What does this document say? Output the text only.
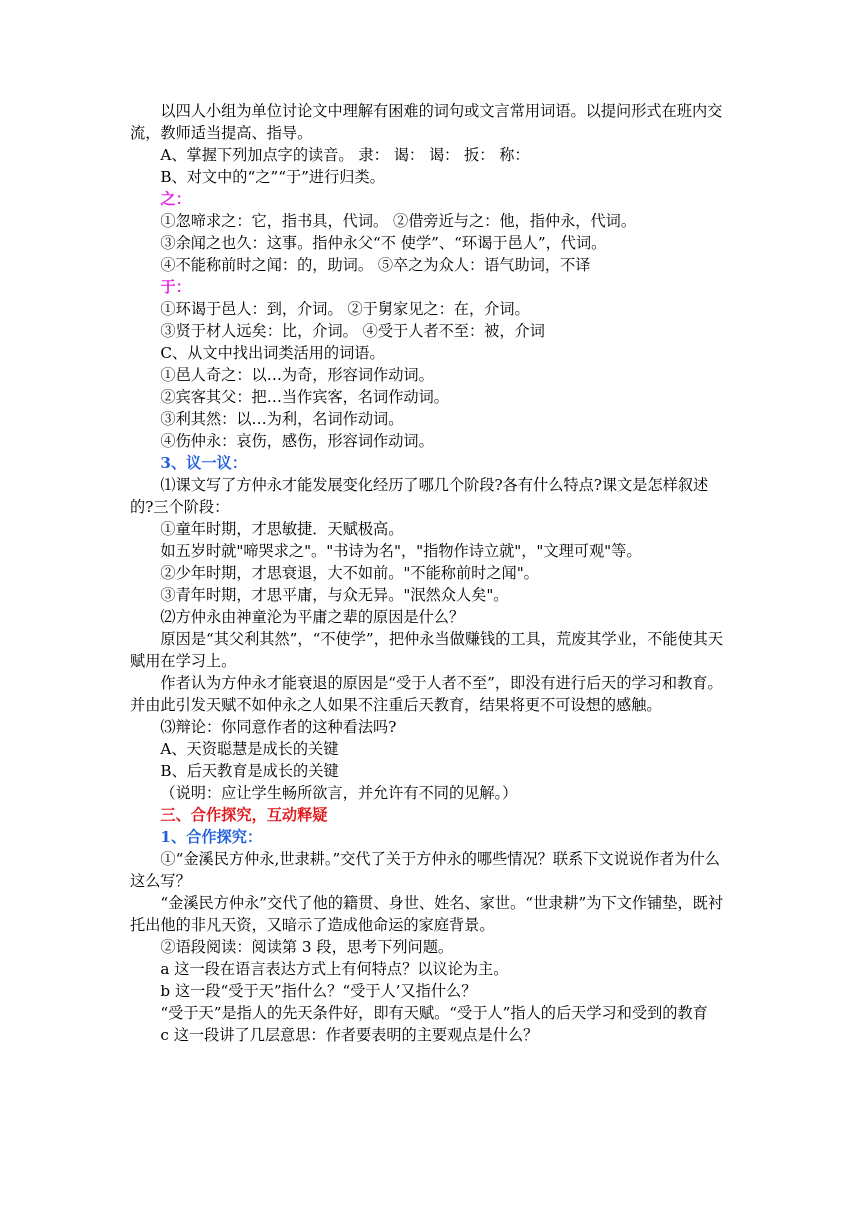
以四人小组为单位讨论文中理解有困难的词句或文言常用词语。以提问形式在班内交流，教师适当提高、指导。

A、掌握下列加点字的读音。 隶： 谒： 谒： 扳： 称：

B、对文中的“之”“于”进行归类。

之：

①忽啼求之：它，指书具，代词。 ②借旁近与之：他，指仲永，代词。

③余闻之也久：这事。指仲永父“不 使学”、“环谒于邑人”，代词。

④不能称前时之闻：的，助词。 ⑤卒之为众人：语气助词，不译

于：

①环谒于邑人：到，介词。 ②于舅家见之：在，介词。

③贤于材人远矣：比，介词。 ④受于人者不至：被，介词

C、从文中找出词类活用的词语。

①邑人奇之：以…为奇，形容词作动词。

②宾客其父：把…当作宾客，名词作动词。

③利其然：以…为利，名词作动词。

④伤仲永：哀伤，感伤，形容词作动词。

3、议一议：

⑴课文写了方仲永才能发展变化经历了哪几个阶段?各有什么特点?课文是怎样叙述的?三个阶段：

①童年时期，才思敏捷．天赋极高。

如五岁时就"啼哭求之"。"书诗为名"，"指物作诗立就"，"文理可观"等。

②少年时期，才思衰退，大不如前。"不能称前时之闻"。

③青年时期，才思平庸，与众无异。"泯然众人矣"。

⑵方仲永由神童沦为平庸之辈的原因是什么？

原因是“其父利其然”，“不使学”，把仲永当做赚钱的工具，荒废其学业，不能使其天赋用在学习上。

作者认为方仲永才能衰退的原因是“受于人者不至”，即没有进行后天的学习和教育。并由此引发天赋不如仲永之人如果不注重后天教育，结果将更不可设想的感触。

⑶辩论：你同意作者的这种看法吗?

A、天资聪慧是成长的关键

B、后天教育是成长的关键

（说明：应让学生畅所欲言，并允许有不同的见解。）

三、合作探究，互动释疑

1、合作探究：

①“金溪民方仲永,世隶耕。”交代了关于方仲永的哪些情况？联系下文说说作者为什么这么写？

“金溪民方仲永”交代了他的籍贯、身世、姓名、家世。“世隶耕”为下文作铺垫，既衬托出他的非凡天资，又暗示了造成他命运的家庭背景。

②语段阅读：阅读第 3 段，思考下列问题。

a 这一段在语言表达方式上有何特点？以议论为主。

b 这一段“受于天”指什么？“受于人’又指什么？

“受于天”是指人的先天条件好，即有天赋。“受于人”指人的后天学习和受到的教育

c 这一段讲了几层意思：作者要表明的主要观点是什么？
